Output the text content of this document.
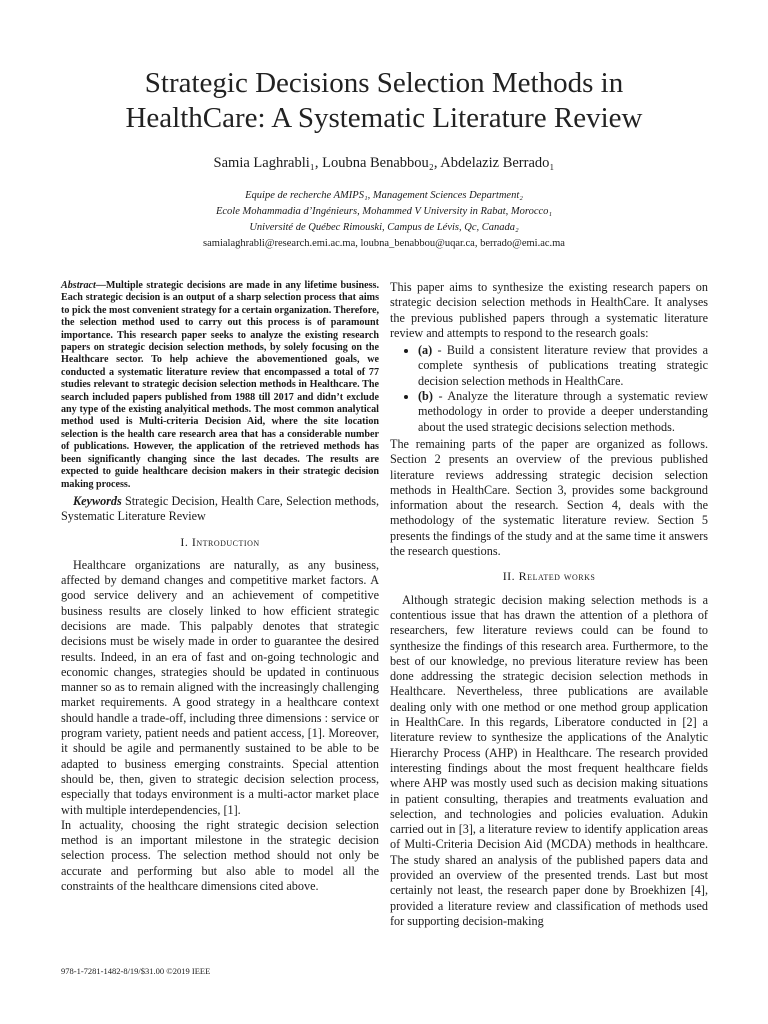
Strategic Decisions Selection Methods in
HealthCare: A Systematic Literature Review
Samia Laghrabli₁, Loubna Benabbou₂, Abdelaziz Berrado₁
Equipe de recherche AMIPS₁, Management Sciences Department₂
Ecole Mohammadia d’Ingénieurs, Mohammed V University in Rabat, Morocco₁
Université de Québec Rimouski, Campus de Lévis, Qc, Canada₂
samialaghrabli@research.emi.ac.ma, loubna_benabbou@uqar.ca, berrado@emi.ac.ma

Abstract—Multiple strategic decisions are made in any lifetime business. Each strategic decision is an output of a sharp selection process that aims to pick the most convenient strategy for a certain organization. Therefore, the selection method used to carry out this process is of paramount importance. This research paper seeks to analyze the existing research papers on strategic decision selection methods, by solely focusing on the Healthcare sector. To help achieve the abovementioned goals, we conducted a systematic literature review that encompassed a total of 77 studies relevant to strategic decision selection methods in Healthcare. The search included papers published from 1988 till 2017 and didn’t exclude any type of the existing analyitical methods. The most common analytical method used is Multi-criteria Decision Aid, where the site location selection is the health care research area that has a considerable number of publications. However, the application of the retrieved methods has been significantly changing since the last decades. The results are expected to guide healthcare decision makers in their strategic decision making process.

Keywords Strategic Decision, Health Care, Selection methods, Systematic Literature Review

I. Introduction

Healthcare organizations are naturally, as any business, affected by demand changes and competitive market factors. A good service delivery and an achievement of competitive business results are closely linked to how efficient strategic decisions are made. This palpably denotes that strategic decisions must be wisely made in order to guarantee the desired results. Indeed, in an era of fast and on-going technologic and economic changes, strategies should be updated in continuous manner so as to remain aligned with the increasingly challenging market requirements. A good strategy in a healthcare context should handle a trade-off, including three dimensions : service or program variety, patient needs and patient access, [1]. Moreover, it should be agile and permanently sustained to be able to be adapted to business emerging constraints. Special attention should be, then, given to strategic decision selection process, especially that todays environment is a multi-actor market place with multiple interdependencies, [1].

In actuality, choosing the right strategic decision selection method is an important milestone in the strategic decision selection process. The selection method should not only be accurate and performing but also able to model all the constraints of the healthcare dimensions cited above.

This paper aims to synthesize the existing research papers on strategic decision selection methods in HealthCare. It analyses the previous published papers through a systematic literature review and attempts to respond to the research goals:

• (a) - Build a consistent literature review that provides a complete synthesis of publications treating strategic decision selection methods in HealthCare.
• (b) - Analyze the literature through a systematic review methodology in order to provide a deeper understanding about the used strategic decisions selection methods.

The remaining parts of the paper are organized as follows. Section 2 presents an overview of the previous published literature reviews addressing strategic decision selection methods in HealthCare. Section 3, provides some background information about the research. Section 4, deals with the methodology of the systematic literature review. Section 5 presents the findings of the study and at the same time it answers the research questions.

II. Related works

Although strategic decision making selection methods is a contentious issue that has drawn the attention of a plethora of researchers, few literature reviews could can be found to synthesize the findings of this research area. Furthermore, to the best of our knowledge, no previous literature review has been done addressing the strategic decision selection methods in Healthcare. Nevertheless, three publications are available dealing only with one method or one method group application in HealthCare. In this regards, Liberatore conducted in [2] a literature review to synthesize the applications of the Analytic Hierarchy Process (AHP) in Healthcare. The research provided interesting findings about the most frequent healthcare fields where AHP was mostly used such as decision making situations in patient consulting, therapies and treatments evaluation and selection, and technologies and policies evaluation. Adukin carried out in [3], a literature review to identify application areas of Multi-Criteria Decision Aid (MCDA) methods in healthcare. The study shared an analysis of the published papers data and provided an overview of the presented trends. Last but most certainly not least, the research paper done by Broekhizen [4], provided a literature review and classification of methods used for supporting decision-making

978-1-7281-1482-8/19/$31.00 ©2019 IEEE
